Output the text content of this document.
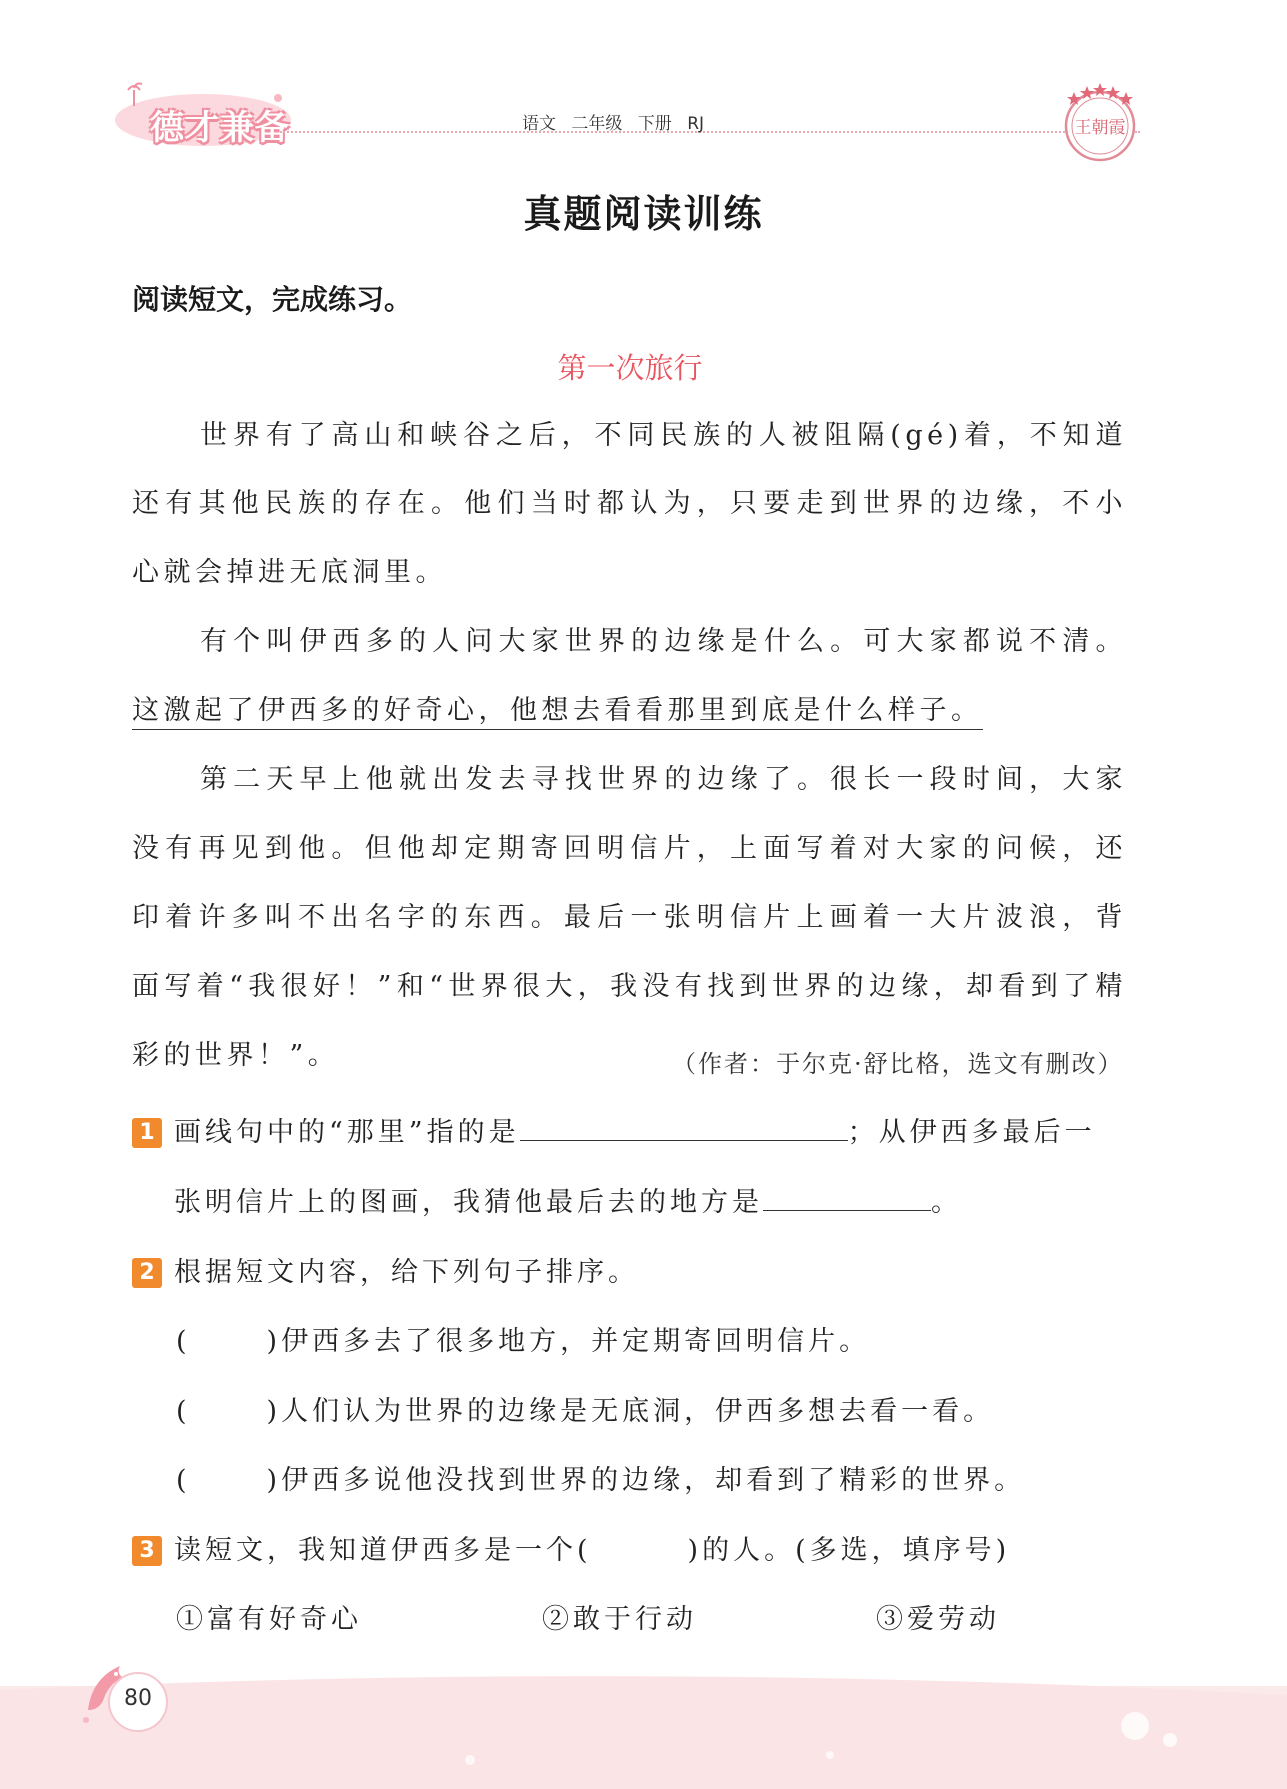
德才兼备	语文 二年级 下册 RJ	王朝霞
真题阅读训练
阅读短文，完成练习。
第一次旅行
世界有了高山和峡谷之后，不同民族的人被阻隔(gé)着，不知道
还有其他民族的存在。他们当时都认为，只要走到世界的边缘，不小
心就会掉进无底洞里。
有个叫伊西多的人问大家世界的边缘是什么。可大家都说不清。
这激起了伊西多的好奇心，他想去看看那里到底是什么样子。
第二天早上他就出发去寻找世界的边缘了。很长一段时间，大家
没有再见到他。但他却定期寄回明信片，上面写着对大家的问候，还
印着许多叫不出名字的东西。最后一张明信片上画着一大片波浪，背
面写着“我很好！”和“世界很大，我没有找到世界的边缘，却看到了精
彩的世界！”。	（作者：于尔克·舒比格，选文有删改）
1 画线句中的“那里”指的是	；从伊西多最后一
张明信片上的图画，我猜他最后去的地方是	。
2 根据短文内容，给下列句子排序。
(	)伊西多去了很多地方，并定期寄回明信片。
(	)人们认为世界的边缘是无底洞，伊西多想去看一看。
(	)伊西多说他没找到世界的边缘，却看到了精彩的世界。
3 读短文，我知道伊西多是一个(	)的人。(多选，填序号)
①富有好奇心	②敢于行动	③爱劳动
80
